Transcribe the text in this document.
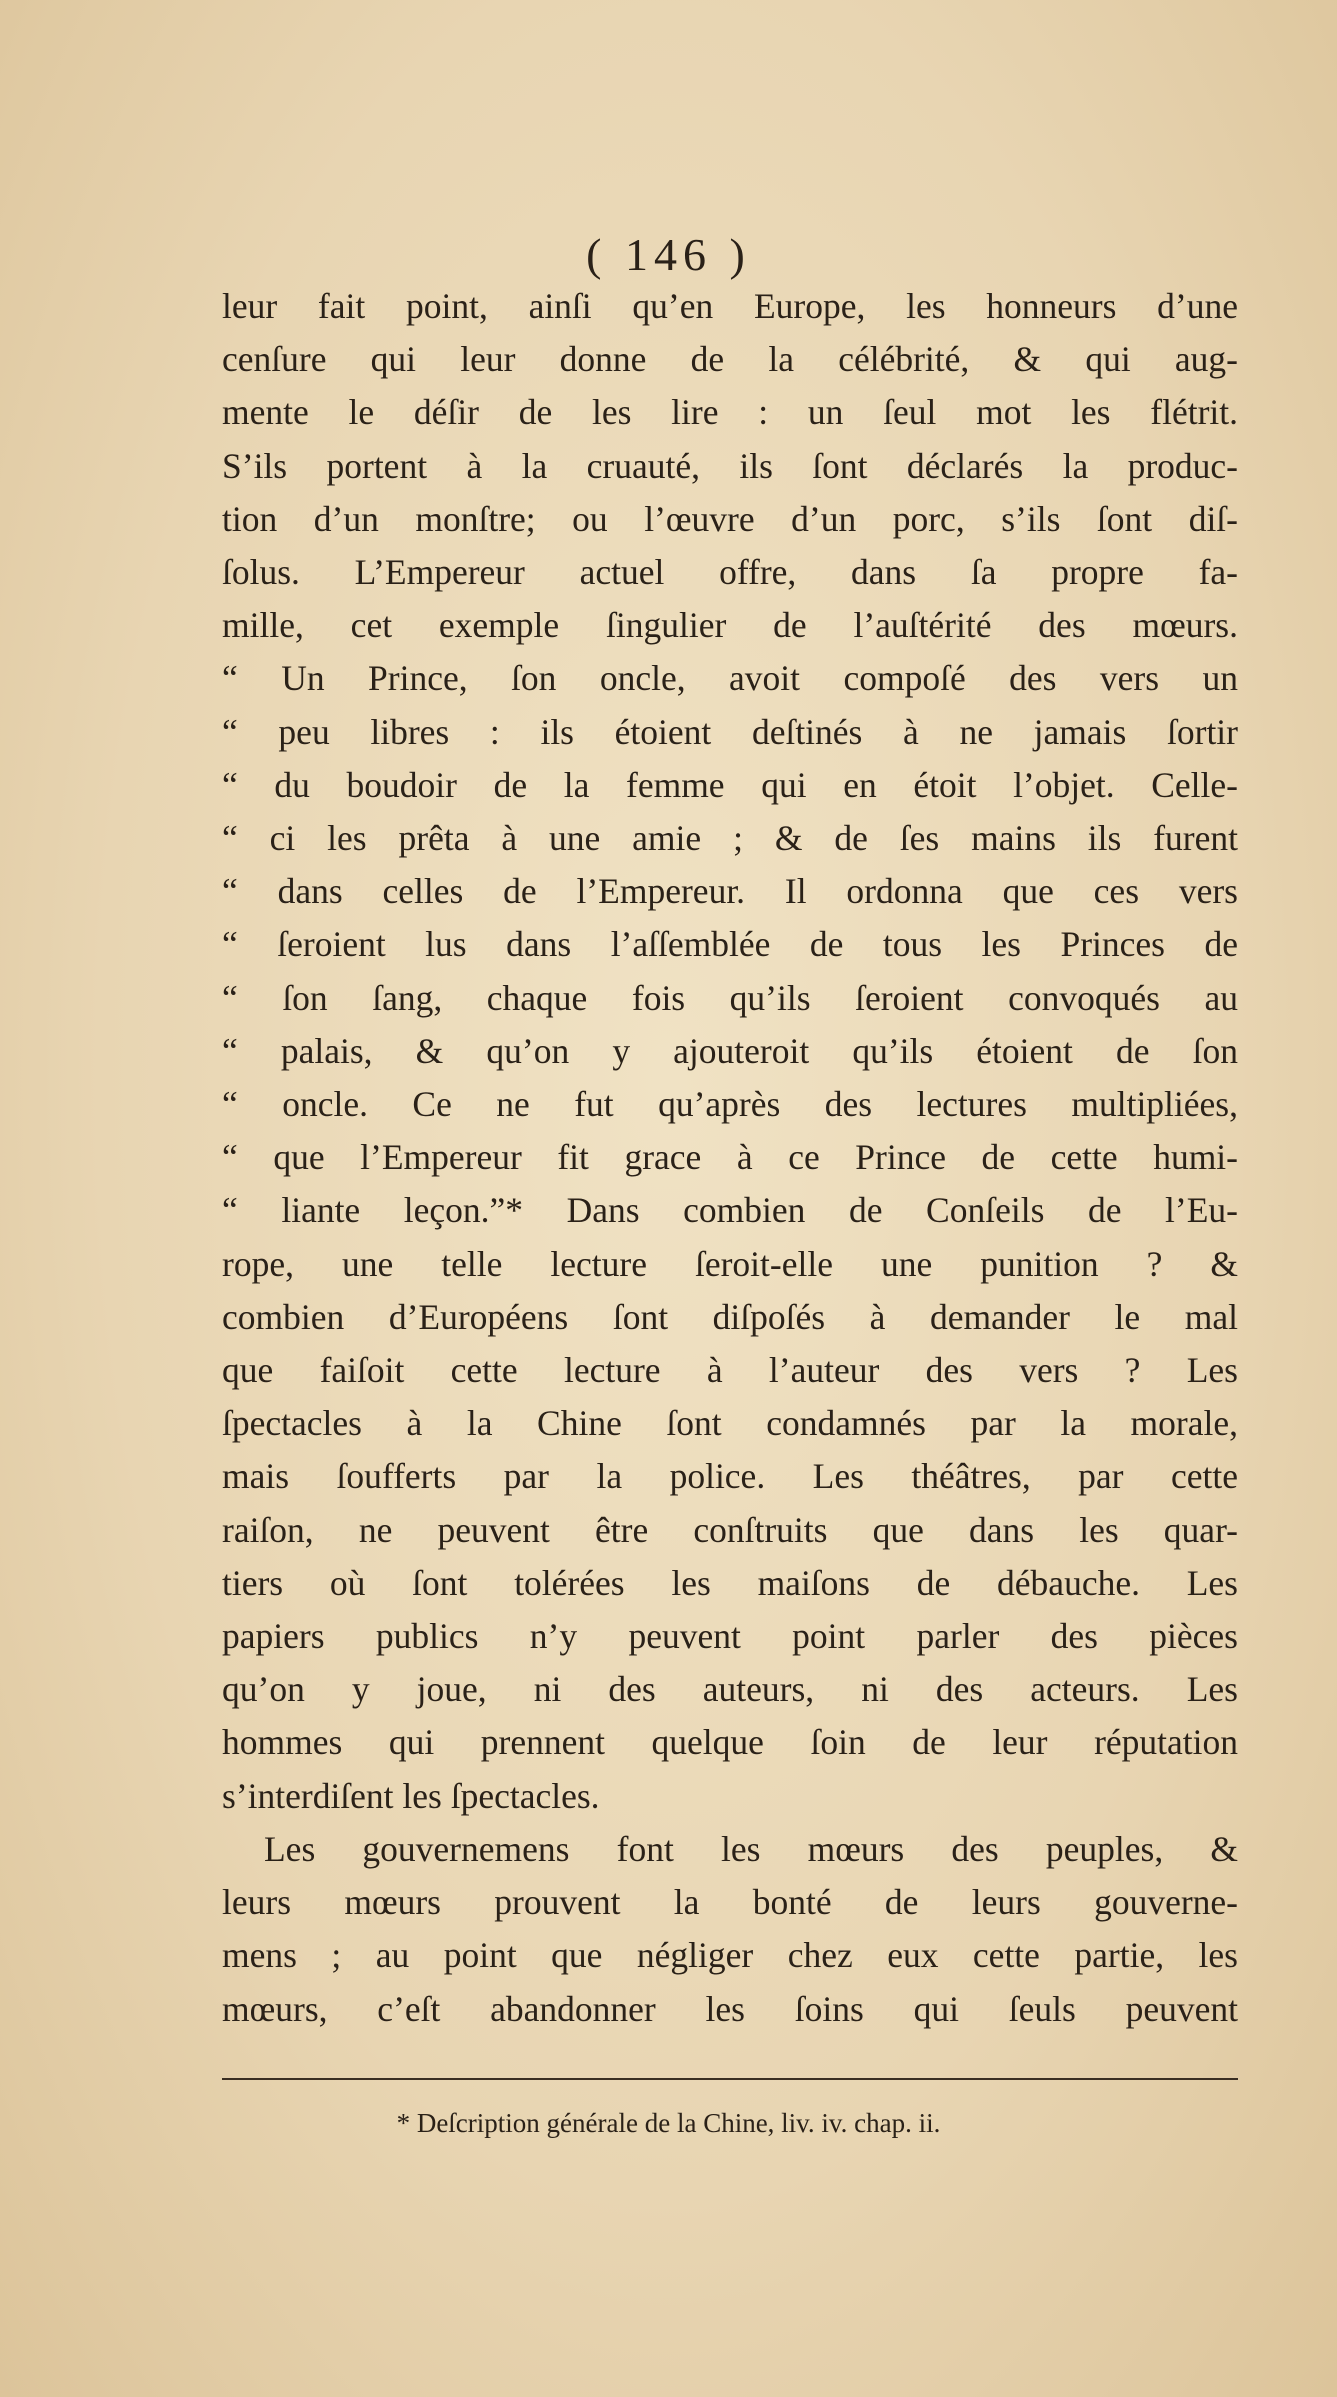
( 146 )
leur fait point, ainſi qu’en Europe, les honneurs d’une
cenſure qui leur donne de la célébrité, & qui aug-
mente le déſir de les lire : un ſeul mot les flétrit.
S’ils portent à la cruauté, ils ſont déclarés la produc-
tion d’un monſtre; ou l’œuvre d’un porc, s’ils ſont diſ-
ſolus. L’Empereur actuel offre, dans ſa propre fa-
mille, cet exemple ſingulier de l’auſtérité des mœurs.
“ Un Prince, ſon oncle, avoit compoſé des vers un
“ peu libres : ils étoient deſtinés à ne jamais ſortir
“ du boudoir de la femme qui en étoit l’objet. Celle-
“ ci les prêta à une amie ; & de ſes mains ils furent
“ dans celles de l’Empereur. Il ordonna que ces vers
“ ſeroient lus dans l’aſſemblée de tous les Princes de
“ ſon ſang, chaque fois qu’ils ſeroient convoqués au
“ palais, & qu’on y ajouteroit qu’ils étoient de ſon
“ oncle. Ce ne fut qu’après des lectures multipliées,
“ que l’Empereur fit grace à ce Prince de cette humi-
“ liante leçon.”* Dans combien de Conſeils de l’Eu-
rope, une telle lecture ſeroit-elle une punition ? &
combien d’Européens ſont diſpoſés à demander le mal
que faiſoit cette lecture à l’auteur des vers ? Les
ſpectacles à la Chine ſont condamnés par la morale,
mais ſoufferts par la police. Les théâtres, par cette
raiſon, ne peuvent être conſtruits que dans les quar-
tiers où ſont tolérées les maiſons de débauche. Les
papiers publics n’y peuvent point parler des pièces
qu’on y joue, ni des auteurs, ni des acteurs. Les
hommes qui prennent quelque ſoin de leur réputation
s’interdiſent les ſpectacles.
Les gouvernemens font les mœurs des peuples, &
leurs mœurs prouvent la bonté de leurs gouverne-
mens ; au point que négliger chez eux cette partie, les
mœurs, c’eſt abandonner les ſoins qui ſeuls peuvent
* Deſcription générale de la Chine, liv. iv. chap. ii.
